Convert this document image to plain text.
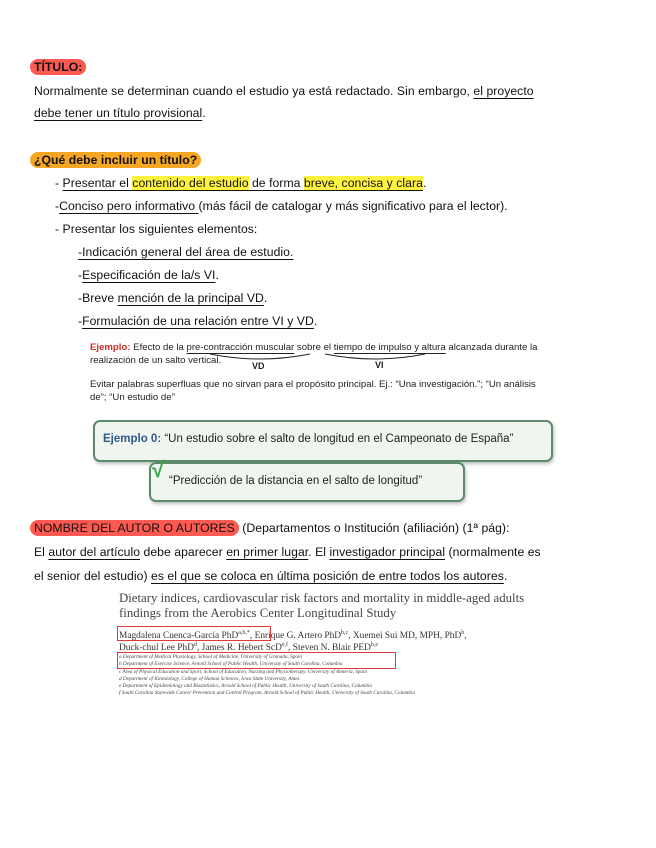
TÍTULO:
Normalmente se determinan cuando el estudio ya está redactado. Sin embargo, el proyecto
debe tener un título provisional.
¿Qué debe incluir un título?
- Presentar el contenido del estudio de forma breve, concisa y clara.
-Conciso pero informativo (más fácil de catalogar y más significativo para el lector).
- Presentar los siguientes elementos:
-Indicación general del área de estudio.
-Especificación de la/s VI.
-Breve mención de la principal VD.
-Formulación de una relación entre VI y VD.
Ejemplo: Efecto de la pre-contracción muscular sobre el tiempo de impulso y altura alcanzada durante la
realización de un salto vertical.	VD	VI
Evitar palabras superfluas que no sirvan para el propósito principal. Ej.: “Una investigación.”; “Un análisis
de”; “Un estudio de”
Ejemplo 0: “Un estudio sobre el salto de longitud en el Campeonato de España”
“Predicción de la distancia en el salto de longitud”
√
NOMBRE DEL AUTOR O AUTORES (Departamentos o Institución (afiliación) (1ª pág):
El autor del artículo debe aparecer en primer lugar. El investigador principal (normalmente es
el senior del estudio) es el que se coloca en última posición de entre todos los autores.
Dietary indices, cardiovascular risk factors and mortality in middle-aged adults
findings from the Aerobics Center Longitudinal Study
Magdalena Cuenca-García PhD$^{a,b,*}$, Enrique G. Artero PhD$^{b,c}$, Xuemei Sui MD, MPH, PhD$^b$,
Duck-chul Lee PhD$^d$, James R. Hebert ScD$^{e,f}$, Steven N. Blair PED$^{b,e}$
a Department of Medical Physiology, School of Medicine, University of Granada, Spain
b Department of Exercise Science, Arnold School of Public Health, University of South Carolina, Columbia
c Area of Physical Education and Sport, School of Education, Nursing and Physiotherapy, University of Almería, Spain
d Department of Kinesiology, College of Human Sciences, Iowa State University, Ames
e Department of Epidemiology and Biostatistics, Arnold School of Public Health, University of South Carolina, Columbia
f South Carolina Statewide Cancer Prevention and Control Program, Arnold School of Public Health, University of South Carolina, Columbia
